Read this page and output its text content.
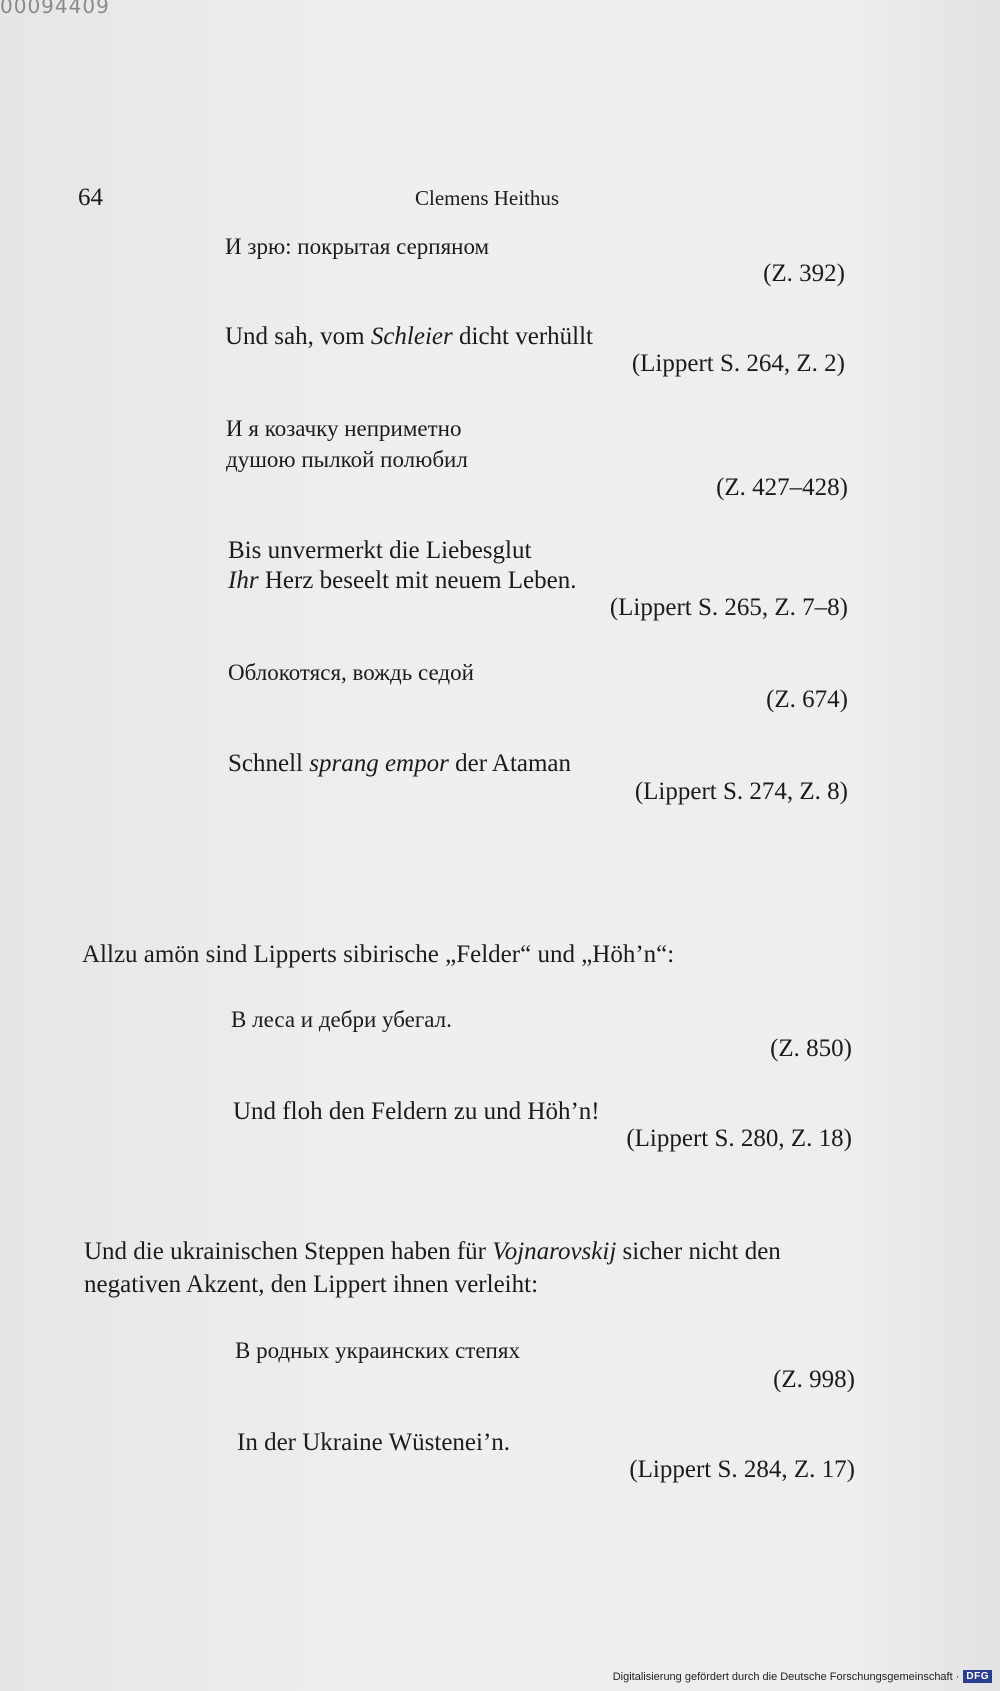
00094409
64	Clemens Heithus
И зрю: покрытая серпяном
(Z. 392)
Und sah, vom Schleier dicht verhüllt
(Lippert S. 264, Z. 2)
И я козачку неприметно
душою пылкой полюбил
(Z. 427–428)
Bis unvermerkt die Liebesglut
Ihr Herz beseelt mit neuem Leben.
(Lippert S. 265, Z. 7–8)
Облокотяся, вождь седой
(Z. 674)
Schnell sprang empor der Ataman
(Lippert S. 274, Z. 8)
Allzu amön sind Lipperts sibirische „Felder“ und „Höh’n“:
В леса и дебри убегал.
(Z. 850)
Und floh den Feldern zu und Höh’n!
(Lippert S. 280, Z. 18)
Und die ukrainischen Steppen haben für Vojnarovskij sicher nicht den
negativen Akzent, den Lippert ihnen verleiht:
В родных украинских степях
(Z. 998)
In der Ukraine Wüstenei’n.
(Lippert S. 284, Z. 17)
Digitalisierung gefördert durch die Deutsche Forschungsgemeinschaft · DFG
